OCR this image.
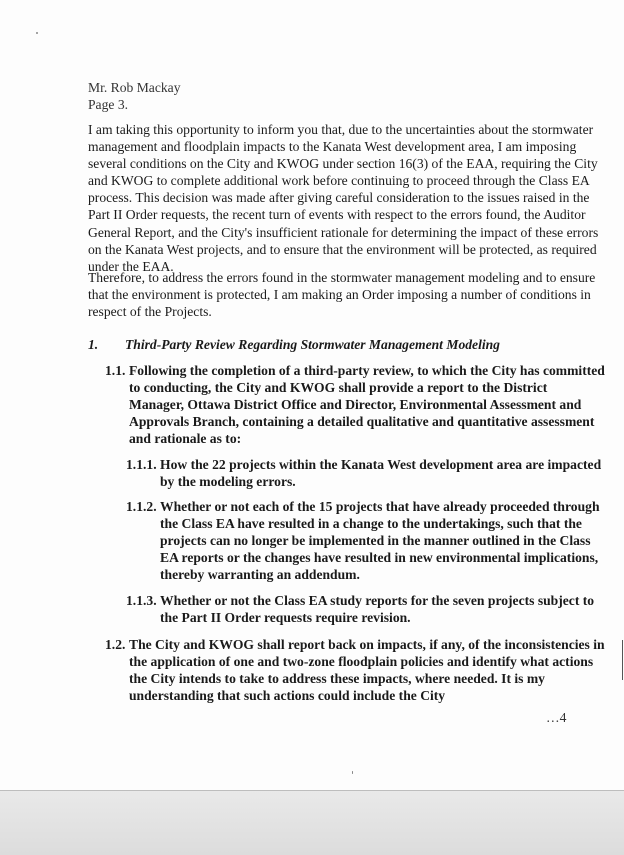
Mr. Rob Mackay

Page 3.

I am taking this opportunity to inform you that, due to the uncertainties about the stormwater management and floodplain impacts to the Kanata West development area, I am imposing several conditions on the City and KWOG under section 16(3) of the EAA, requiring the City and KWOG to complete additional work before continuing to proceed through the Class EA process. This decision was made after giving careful consideration to the issues raised in the Part II Order requests, the recent turn of events with respect to the errors found, the Auditor General Report, and the City's insufficient rationale for determining the impact of these errors on the Kanata West projects, and to ensure that the environment will be protected, as required under the EAA.

Therefore, to address the errors found in the stormwater management modeling and to ensure that the environment is protected, I am making an Order imposing a number of conditions in respect of the Projects.

1. Third-Party Review Regarding Stormwater Management Modeling
1.1. Following the completion of a third-party review, to which the City has committed to conducting, the City and KWOG shall provide a report to the District Manager, Ottawa District Office and Director, Environmental Assessment and Approvals Branch, containing a detailed qualitative and quantitative assessment and rationale as to:
1.1.1. How the 22 projects within the Kanata West development area are impacted by the modeling errors.
1.1.2. Whether or not each of the 15 projects that have already proceeded through the Class EA have resulted in a change to the undertakings, such that the projects can no longer be implemented in the manner outlined in the Class EA reports or the changes have resulted in new environmental implications, thereby warranting an addendum.
1.1.3. Whether or not the Class EA study reports for the seven projects subject to the Part II Order requests require revision.
1.2. The City and KWOG shall report back on impacts, if any, of the inconsistencies in the application of one and two-zone floodplain policies and identify what actions the City intends to take to address these impacts, where needed. It is my understanding that such actions could include the City

…4
